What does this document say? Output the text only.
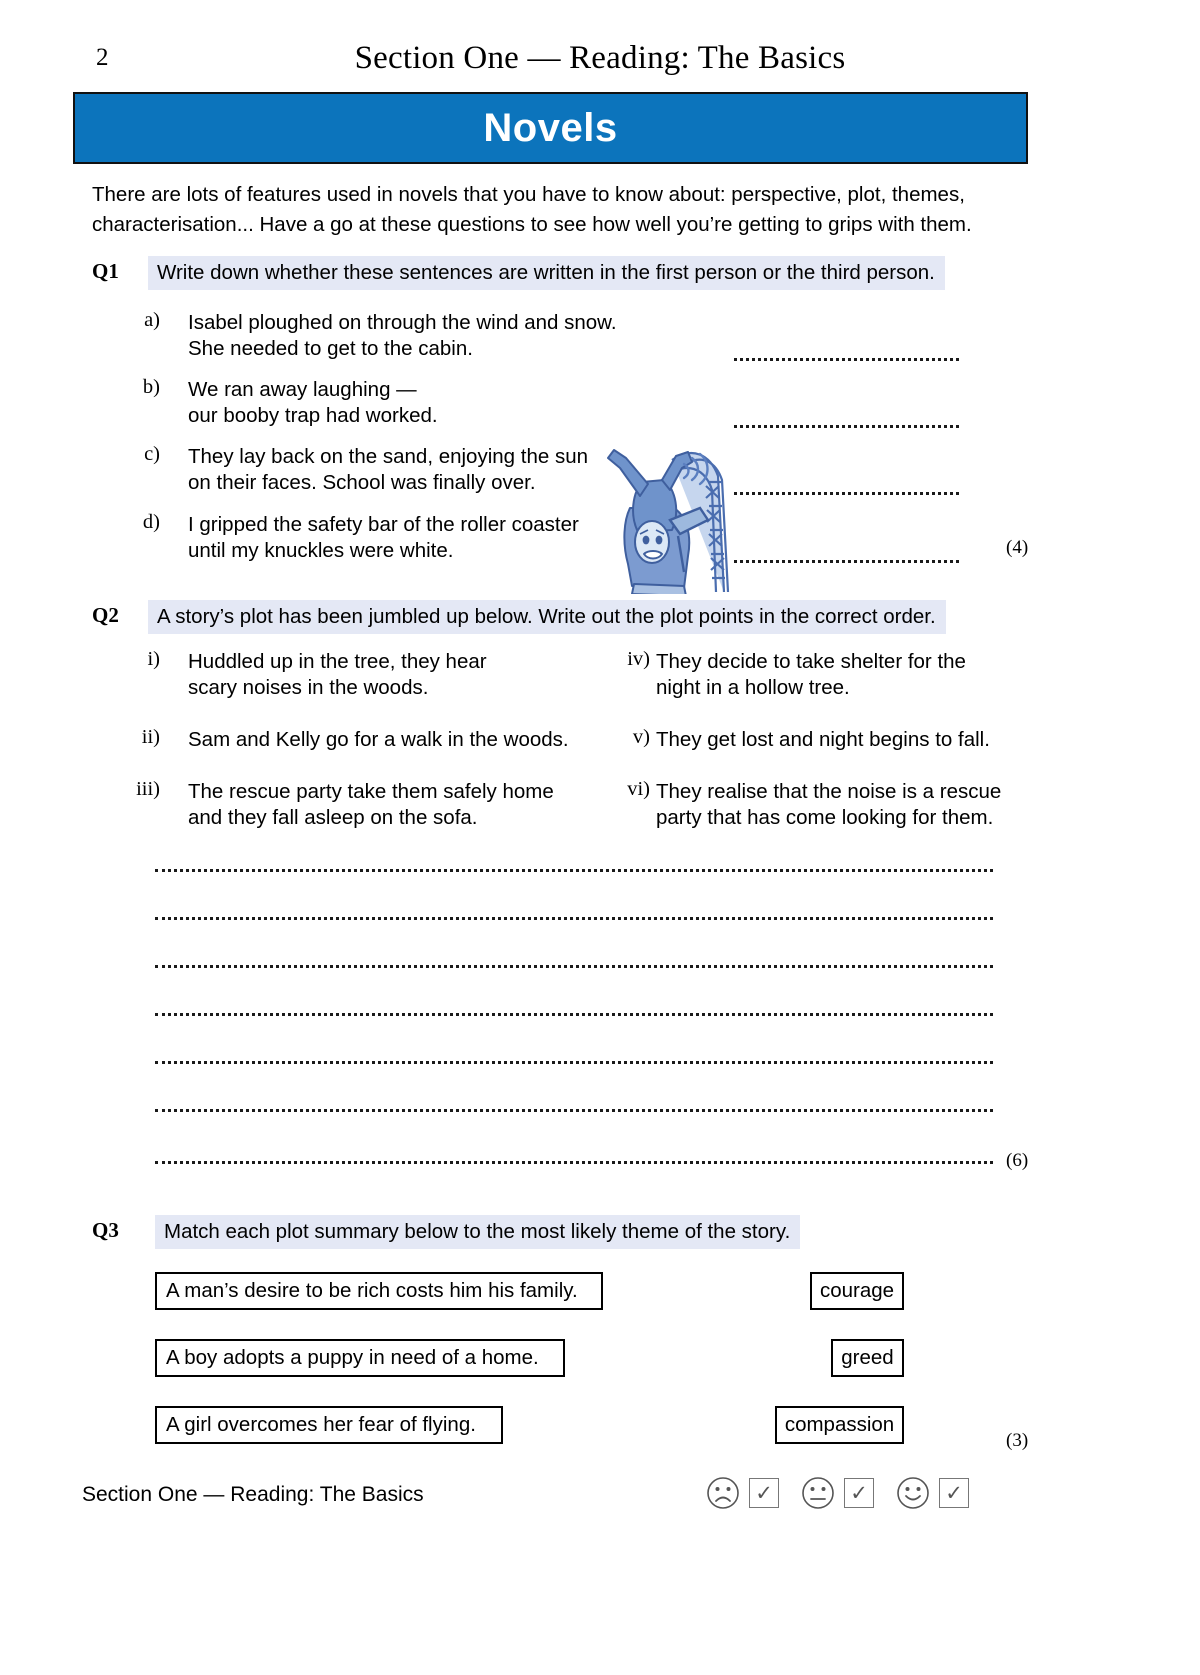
2	Section One — Reading: The Basics
Novels
There are lots of features used in novels that you have to know about: perspective, plot, themes, characterisation... Have a go at these questions to see how well you’re getting to grips with them.
Q1	Write down whether these sentences are written in the first person or the third person.
a) Isabel ploughed on through the wind and snow.
She needed to get to the cabin.
b) We ran away laughing —
our booby trap had worked.
c) They lay back on the sand, enjoying the sun
on their faces. School was finally over.
d) I gripped the safety bar of the roller coaster
until my knuckles were white.	(4)
Q2	A story’s plot has been jumbled up below. Write out the plot points in the correct order.
i) Huddled up in the tree, they hear
scary noises in the woods.
ii) Sam and Kelly go for a walk in the woods.
iii) The rescue party take them safely home
and they fall asleep on the sofa.
iv) They decide to take shelter for the
night in a hollow tree.
v) They get lost and night begins to fall.
vi) They realise that the noise is a rescue
party that has come looking for them.
(6)
Q3	Match each plot summary below to the most likely theme of the story.
A man’s desire to be rich costs him his family.
A boy adopts a puppy in need of a home.
A girl overcomes her fear of flying.
courage
greed
compassion
(3)
Section One — Reading: The Basics	✓	✓	✓
